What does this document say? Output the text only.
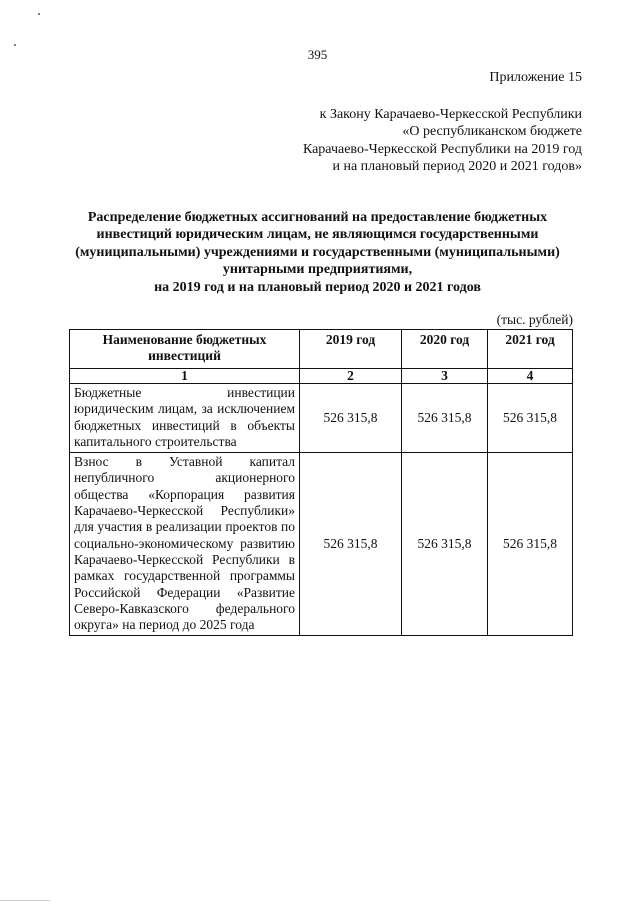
395
Приложение 15
к Закону Карачаево-Черкесской Республики
«О республиканском бюджете
Карачаево-Черкесской Республики на 2019 год
и на плановый период 2020 и 2021 годов»
Распределение бюджетных ассигнований на предоставление бюджетных
инвестиций юридическим лицам, не являющимся государственными
(муниципальными) учреждениями и государственными (муниципальными)
унитарными предприятиями,
на 2019 год и на плановый период 2020 и 2021 годов
(тыс. рублей)
Наименование бюджетных инвестиций	2019 год	2020 год	2021 год
1	2	3	4
Бюджетные инвестиции юридическим лицам, за исключением бюджетных инвестиций в объекты капитального строительства	526 315,8	526 315,8	526 315,8
Взнос в Уставной капитал непубличного акционерного общества «Корпорация развития Карачаево-Черкесской Республики» для участия в реализации проектов по социально-экономическому развитию Карачаево-Черкесской Республики в рамках государственной программы Российской Федерации «Развитие Северо-Кавказского федерального округа» на период до 2025 года	526 315,8	526 315,8	526 315,8
